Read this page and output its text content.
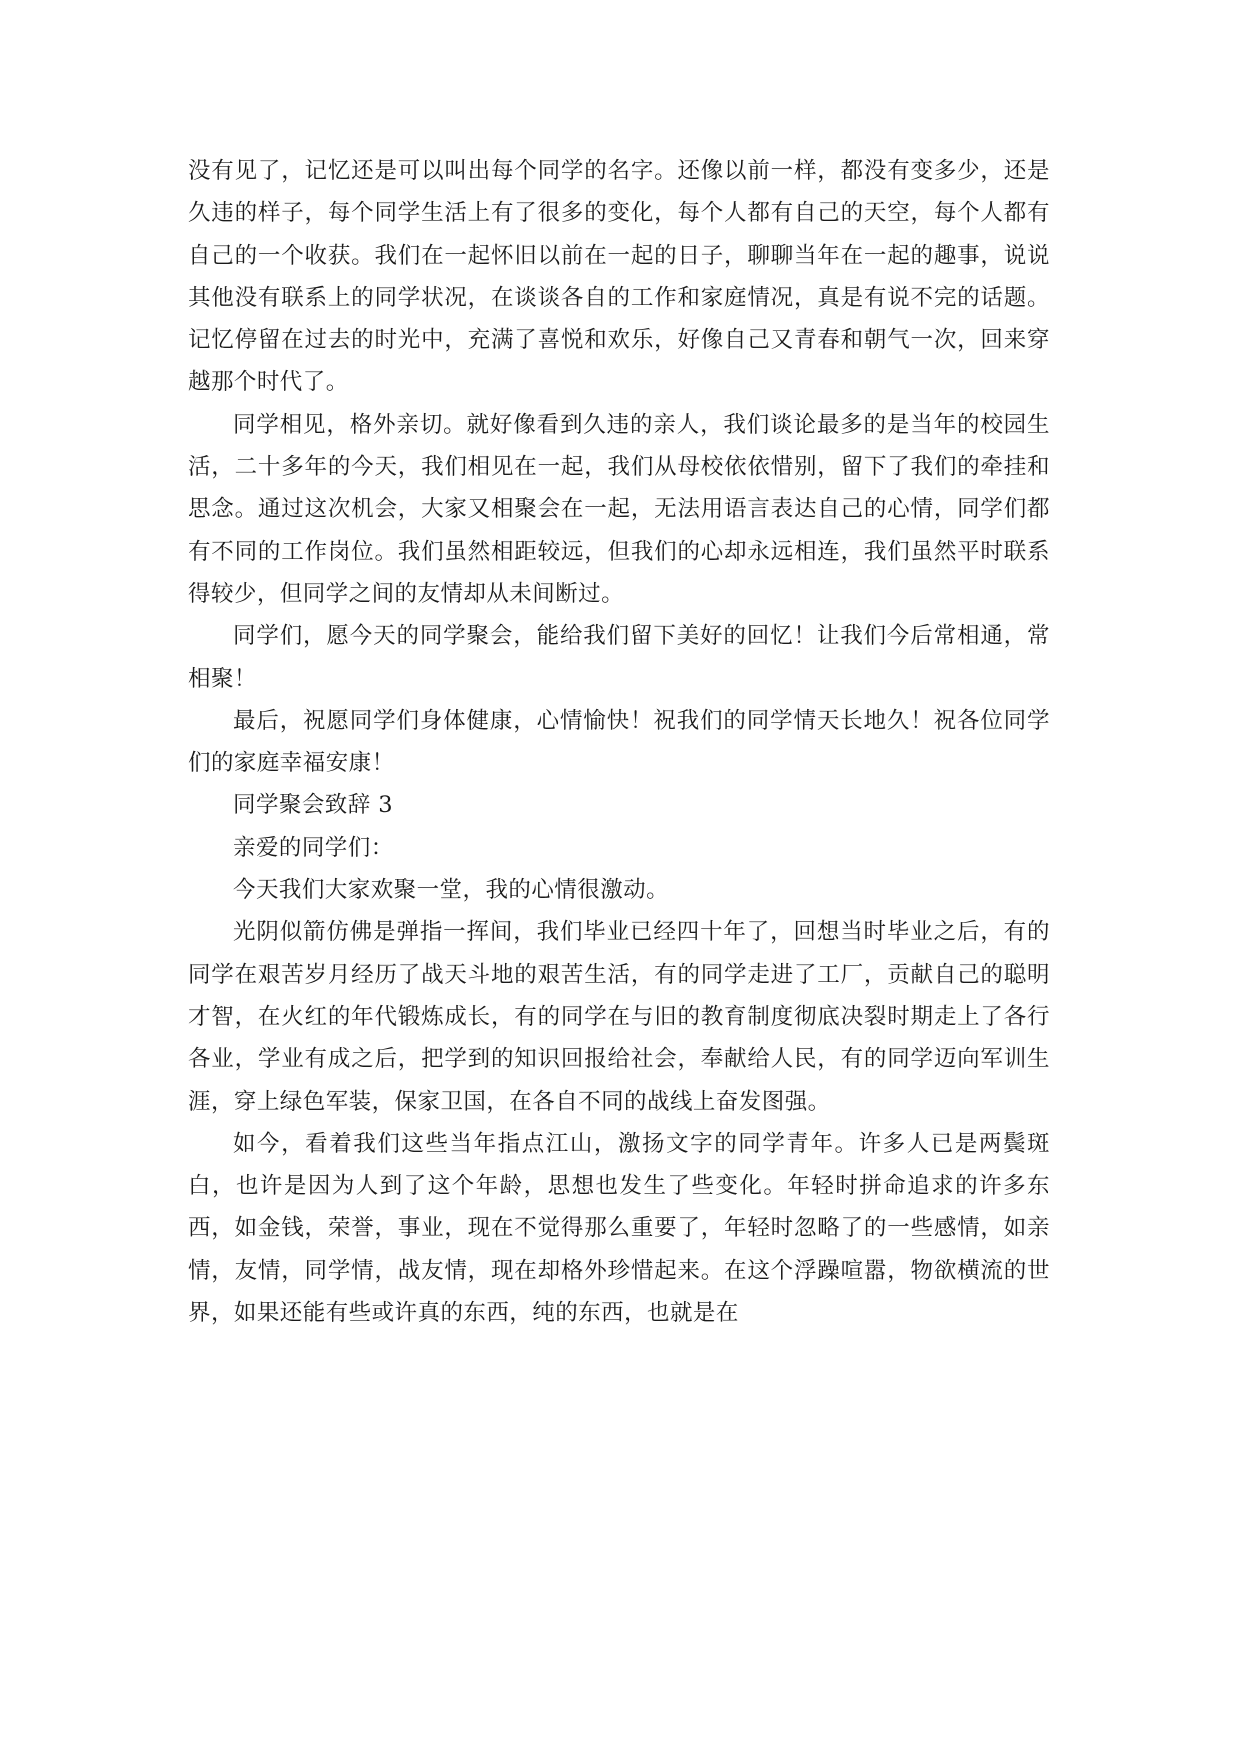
没有见了，记忆还是可以叫出每个同学的名字。还像以前一样，都没有变多少，还是久违的样子，每个同学生活上有了很多的变化，每个人都有自己的天空，每个人都有自己的一个收获。我们在一起怀旧以前在一起的日子，聊聊当年在一起的趣事，说说其他没有联系上的同学状况，在谈谈各自的工作和家庭情况，真是有说不完的话题。记忆停留在过去的时光中，充满了喜悦和欢乐，好像自己又青春和朝气一次，回来穿越那个时代了。

同学相见，格外亲切。就好像看到久违的亲人，我们谈论最多的是当年的校园生活，二十多年的今天，我们相见在一起，我们从母校依依惜别，留下了我们的牵挂和思念。通过这次机会，大家又相聚会在一起，无法用语言表达自己的心情，同学们都有不同的工作岗位。我们虽然相距较远，但我们的心却永远相连，我们虽然平时联系得较少，但同学之间的友情却从未间断过。

同学们，愿今天的同学聚会，能给我们留下美好的回忆！让我们今后常相通，常相聚！

最后，祝愿同学们身体健康，心情愉快！祝我们的同学情天长地久！祝各位同学们的家庭幸福安康！

同学聚会致辞 3

亲爱的同学们：

今天我们大家欢聚一堂，我的心情很激动。

光阴似箭仿佛是弹指一挥间，我们毕业已经四十年了，回想当时毕业之后，有的同学在艰苦岁月经历了战天斗地的艰苦生活，有的同学走进了工厂，贡献自己的聪明才智，在火红的年代锻炼成长，有的同学在与旧的教育制度彻底决裂时期走上了各行各业，学业有成之后，把学到的知识回报给社会，奉献给人民，有的同学迈向军训生涯，穿上绿色军装，保家卫国，在各自不同的战线上奋发图强。

如今，看着我们这些当年指点江山，激扬文字的同学青年。许多人已是两鬓斑白，也许是因为人到了这个年龄，思想也发生了些变化。年轻时拼命追求的许多东西，如金钱，荣誉，事业，现在不觉得那么重要了，年轻时忽略了的一些感情，如亲情，友情，同学情，战友情，现在却格外珍惜起来。在这个浮躁喧嚣，物欲横流的世界，如果还能有些或许真的东西，纯的东西，也就是在
